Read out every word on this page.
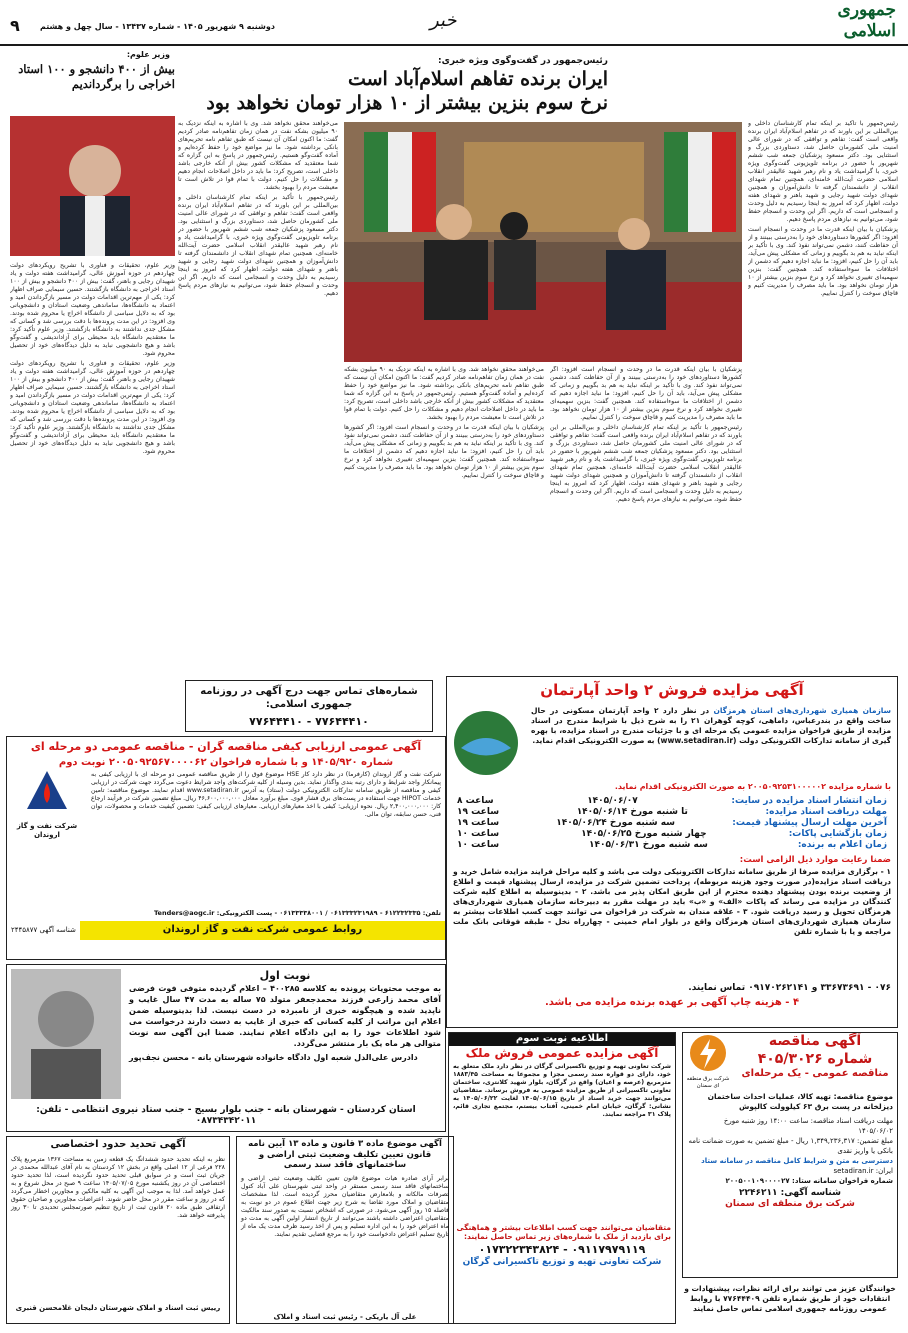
جمهوری اسلامی
خبر
دوشنبه ۹ شهریور ۱۴۰۵ - شماره ۱۳۴۳۷ - سال چهل و هشتم
۹
رئیس‌جمهور در گفت‌وگوی ویژه خبری:
ایران برنده تفاهم اسلام‌آباد است
نرخ سوم بنزین بیشتر از ۱۰ هزار تومان نخواهد بود

رئیس‌جمهور با تأکید بر اینکه تمام کارشناسان داخلی و بین‌المللی بر این باورند که در تفاهم اسلام‌آباد ایران برنده واقعی است گفت: تفاهم و توافقی که در شورای عالی امنیت ملی کشورمان حاصل شد، دستاوردی بزرگ و استثنایی بود. دکتر مسعود پزشکیان جمعه شب ششم شهریور با حضور در برنامه تلویزیونی گفت‌وگوی ویژه خبری، با گرامیداشت یاد و نام رهبر شهید عالیقدر انقلاب اسلامی حضرت آیت‌الله خامنه‌ای، همچنین تمام شهدای انقلاب از دانشمندان گرفته تا دانش‌آموزان و همچنین شهدای دولت شهید رجایی و شهید باهنر و شهدای هفته دولت، اظهار کرد که امروز به اینجا رسیدیم به دلیل وحدت و انسجامی است که داریم. اگر این وحدت و انسجام حفظ شود، می‌توانیم به نیازهای مردم پاسخ دهیم.

پزشکیان با بیان اینکه قدرت ما در وحدت و انسجام است افزود: اگر کشورها دستاوردهای خود را به‌درستی ببینند و از آن حفاظت کنند، دشمن نمی‌تواند نفوذ کند. وی با تأکید بر اینکه نباید به هم بد بگوییم و زمانی که مشکلی پیش می‌آید، باید آن را حل کنیم، افزود: ما نباید اجازه دهیم که دشمن از اختلافات ما سوءاستفاده کند. همچنین گفت: بنزین سهمیه‌ای تغییری نخواهد کرد و نرخ سوم بنزین بیشتر از ۱۰ هزار تومان نخواهد بود. ما باید مصرف را مدیریت کنیم و قاچاق سوخت را کنترل نماییم.

پزشکیان با بیان اینکه قدرت ما در وحدت و انسجام است افزود: اگر کشورها دستاوردهای خود را به‌درستی ببینند و از آن حفاظت کنند، دشمن نمی‌تواند نفوذ کند. وی با تأکید بر اینکه نباید به هم بد بگوییم و زمانی که مشکلی پیش می‌آید، باید آن را حل کنیم، افزود: ما نباید اجازه دهیم که دشمن از اختلافات ما سوءاستفاده کند. همچنین گفت: بنزین سهمیه‌ای تغییری نخواهد کرد و نرخ سوم بنزین بیشتر از ۱۰ هزار تومان نخواهد بود. ما باید مصرف را مدیریت کنیم و قاچاق سوخت را کنترل نماییم.

رئیس‌جمهور با تأکید بر اینکه تمام کارشناسان داخلی و بین‌المللی بر این باورند که در تفاهم اسلام‌آباد ایران برنده واقعی است گفت: تفاهم و توافقی که در شورای عالی امنیت ملی کشورمان حاصل شد، دستاوردی بزرگ و استثنایی بود. دکتر مسعود پزشکیان جمعه شب ششم شهریور با حضور در برنامه تلویزیونی گفت‌وگوی ویژه خبری، با گرامیداشت یاد و نام رهبر شهید عالیقدر انقلاب اسلامی حضرت آیت‌الله خامنه‌ای، همچنین تمام شهدای انقلاب از دانشمندان گرفته تا دانش‌آموزان و همچنین شهدای دولت شهید رجایی و شهید باهنر و شهدای هفته دولت، اظهار کرد که امروز به اینجا رسیدیم به دلیل وحدت و انسجامی است که داریم. اگر این وحدت و انسجام حفظ شود، می‌توانیم به نیازهای مردم پاسخ دهیم.

می‌خواهند محقق نخواهد شد. وی با اشاره به اینکه نزدیک به ۹۰ میلیون بشکه نفت در همان زمان تفاهم‌نامه صادر کردیم گفت: ما اکنون امکان آن نیست که طبق تفاهم نامه تحریم‌های بانکی برداشته شود. ما نیز مواضع خود را حفظ کرده‌ایم و آماده گفت‌وگو هستیم. رئیس‌جمهور در پاسخ به این گزاره که شما معتقدید که مشکلات کشور بیش از آنکه خارجی باشد داخلی است، تصریح کرد: ما باید در داخل اصلاحات انجام دهیم و مشکلات را حل کنیم. دولت با تمام قوا در تلاش است تا معیشت مردم را بهبود بخشد.

پزشکیان با بیان اینکه قدرت ما در وحدت و انسجام است افزود: اگر کشورها دستاوردهای خود را به‌درستی ببینند و از آن حفاظت کنند، دشمن نمی‌تواند نفوذ کند. وی با تأکید بر اینکه نباید به هم بد بگوییم و زمانی که مشکلی پیش می‌آید، باید آن را حل کنیم، افزود: ما نباید اجازه دهیم که دشمن از اختلافات ما سوءاستفاده کند. همچنین گفت: بنزین سهمیه‌ای تغییری نخواهد کرد و نرخ سوم بنزین بیشتر از ۱۰ هزار تومان نخواهد بود. ما باید مصرف را مدیریت کنیم و قاچاق سوخت را کنترل نماییم.

می‌خواهند محقق نخواهد شد. وی با اشاره به اینکه نزدیک به ۹۰ میلیون بشکه نفت در همان زمان تفاهم‌نامه صادر کردیم گفت: ما اکنون امکان آن نیست که طبق تفاهم نامه تحریم‌های بانکی برداشته شود. ما نیز مواضع خود را حفظ کرده‌ایم و آماده گفت‌وگو هستیم. رئیس‌جمهور در پاسخ به این گزاره که شما معتقدید که مشکلات کشور بیش از آنکه خارجی باشد داخلی است، تصریح کرد: ما باید در داخل اصلاحات انجام دهیم و مشکلات را حل کنیم. دولت با تمام قوا در تلاش است تا معیشت مردم را بهبود بخشد.

رئیس‌جمهور با تأکید بر اینکه تمام کارشناسان داخلی و بین‌المللی بر این باورند که در تفاهم اسلام‌آباد ایران برنده واقعی است گفت: تفاهم و توافقی که در شورای عالی امنیت ملی کشورمان حاصل شد، دستاوردی بزرگ و استثنایی بود. دکتر مسعود پزشکیان جمعه شب ششم شهریور با حضور در برنامه تلویزیونی گفت‌وگوی ویژه خبری، با گرامیداشت یاد و نام رهبر شهید عالیقدر انقلاب اسلامی حضرت آیت‌الله خامنه‌ای، همچنین تمام شهدای انقلاب از دانشمندان گرفته تا دانش‌آموزان و همچنین شهدای دولت شهید رجایی و شهید باهنر و شهدای هفته دولت، اظهار کرد که امروز به اینجا رسیدیم به دلیل وحدت و انسجامی است که داریم. اگر این وحدت و انسجام حفظ شود، می‌توانیم به نیازهای مردم پاسخ دهیم.

وزیر علوم:
بیش از ۴۰۰ دانشجو و ۱۰۰ استاد اخراجی را برگرداندیم

وزیر علوم، تحقیقات و فناوری با تشریح رویکردهای دولت چهاردهم در حوزه آموزش عالی، گرامیداشت هفته دولت و یاد شهیدان رجایی و باهنر، گفت: بیش از ۴۰۰ دانشجو و بیش از ۱۰۰ استاد اخراجی به دانشگاه بازگشتند. حسین سیمایی صراف اظهار کرد: یکی از مهم‌ترین اقدامات دولت در مسیر بازگرداندن امید و اعتماد به دانشگاه‌ها، ساماندهی وضعیت استادان و دانشجویانی بود که به دلایل سیاسی از دانشگاه اخراج یا محروم شده بودند. وی افزود: در این مدت پرونده‌ها با دقت بررسی شد و کسانی که مشکل جدی نداشتند به دانشگاه بازگشتند. وزیر علوم تأکید کرد: ما معتقدیم دانشگاه باید محیطی برای آزاداندیشی و گفت‌وگو باشد و هیچ دانشجویی نباید به دلیل دیدگاه‌های خود از تحصیل محروم شود.

وزیر علوم، تحقیقات و فناوری با تشریح رویکردهای دولت چهاردهم در حوزه آموزش عالی، گرامیداشت هفته دولت و یاد شهیدان رجایی و باهنر، گفت: بیش از ۴۰۰ دانشجو و بیش از ۱۰۰ استاد اخراجی به دانشگاه بازگشتند. حسین سیمایی صراف اظهار کرد: یکی از مهم‌ترین اقدامات دولت در مسیر بازگرداندن امید و اعتماد به دانشگاه‌ها، ساماندهی وضعیت استادان و دانشجویانی بود که به دلایل سیاسی از دانشگاه اخراج یا محروم شده بودند. وی افزود: در این مدت پرونده‌ها با دقت بررسی شد و کسانی که مشکل جدی نداشتند به دانشگاه بازگشتند. وزیر علوم تأکید کرد: ما معتقدیم دانشگاه باید محیطی برای آزاداندیشی و گفت‌وگو باشد و هیچ دانشجویی نباید به دلیل دیدگاه‌های خود از تحصیل محروم شود.

شماره‌های تماس جهت درج آگهی در روزنامه جمهوری اسلامی:
۷۷۶۴۴۴۱۰ - ۷۷۶۴۴۴۱۰
آگهی مزایده فروش ۲ واحد آپارتمان
سازمان همیاری شهرداری‌های استان هرمزگان در نظر دارد ۲ واحد آپارتمان مسکونی در حال ساخت واقع در بندرعباس، داماهی، کوچه گوهران ۲۱ را به شرح ذیل با شرایط مندرج در اسناد مزایده از طریق فراخوان مزایده عمومی یک مرحله ای و با جزئیات مندرج در اسناد مزایده، با بهره گیری از سامانه تدارکات الکترونیکی دولت (www.setadiran.ir) به صورت الکترونیکی اقدام نماید.
با شماره مزایده ۲۰۰۵۰۹۲۵۳۱۰۰۰۰۰۲ به صورت الکترونیکی اقدام نماید.
زمان انتشار اسناد مزایده در سایت:
۱۴۰۵/۰۶/۰۷
ساعت ۸
مهلت دریافت اسناد مزایده:
تا شنبه مورخ ۱۴۰۵/۰۶/۱۴
ساعت ۱۹
آخرین مهلت ارسال پیشنهاد قیمت:
سه شنبه مورخ ۱۴۰۵/۰۶/۲۴
ساعت ۱۹
زمان بازگشایی پاکات:
چهار شنبه مورخ ۱۴۰۵/۰۶/۲۵
ساعت ۱۰
زمان اعلام به برنده:
سه شنبه مورخ ۱۴۰۵/۰۶/۳۱
ساعت ۱۰
ضمنا رعایت موارد ذیل الزامی است:
۱ - برگزاری مزایده صرفا از طریق سامانه تدارکات الکترونیکی دولت می باشد و کلیه مراحل فرایند مزایده شامل خرید و دریافت اسناد مزایده(در صورت وجود هزینه مربوطه)، پرداخت تضمین شرکت در مزایده، ارسال پیشنهاد قیمت و اطلاع از وضعیت برنده بودن پیشنهاد دهنده محترم از این طریق امکان پذیر می باشد. ۲ - بدینوسیله به اطلاع کلیه شرکت کنندگان در مزایده می رساند که پاکات «الف» و «ب» باید در مهلت مقرر به دبیرخانه سازمان همیاری شهرداری‌های هرمزگان تحویل و رسید دریافت شود. ۳ - علاقه مندان به شرکت در فراخوان می توانند جهت کسب اطلاعات بیشتر به سازمان همیاری شهرداری‌های استان هرمزگان واقع در بلوار امام خمینی - چهارراه نخل - طبقه فوقانی بانک ملت مراجعه و یا با شماره تلفن
۰۷۶ - ۳۳۶۷۳۶۹۱ و ۰۹۱۷۰۲۶۲۱۴۱ تماس نمایند.
۴ - هزینه چاپ آگهی بر عهده برنده مزایده می باشد.
آگهی عمومی ارزیابی کیفی مناقصه گران - مناقصه عمومی دو مرحله ای
شماره ۱۴۰۵/۹۲۰ و با شماره فراخوان ۲۰۰۵۰۹۲۵۶۷۰۰۰۰۶۲ نوبت دوم
شرکت نفت و گاز اروندان (کارفرما) در نظر دارد کار HSE موضوع فوق را از طریق مناقصه عمومی دو مرحله ای با ارزیابی کیفی به پیمانکار واجد شرایط و دارای رتبه بندی واگذار نماید. بدین وسیله از کلیه شرکت‌های واجد شرایط دعوت می‌گردد جهت شرکت در ارزیابی کیفی و مناقصه از طریق سامانه تدارکات الکترونیکی دولت (ستاد) به آدرس www.setadiran.ir اقدام نمایند. موضوع مناقصه: تامین خدمات HIPOT جهت استفاده در پست‌های برق فشار قوی. مبلغ برآورد معادل ۴۶,۶۰۰,۰۰۰,۰۰۰ ریال. مبلغ تضمین شرکت در فرآیند ارجاع کار: ۲,۴۰۰,۰۰۰,۰۰۰ ریال. نحوه ارزیابی: کیفی با اخذ معیارهای ارزیابی. معیارهای ارزیابی کیفی: تضمین کیفیت خدمات و محصولات، توان فنی، حسن سابقه، توان مالی.
شرکت نفت و گاز اروندان
تلفن: ۶۱۲۲۳۲۳۳۵ - ۰۶۱۳۳۳۲۳۱۹۸۹ / ۰۶۱۳۳۳۳۸۰۰۱ - پست الکترونیکی: Tenders@aogc.ir
روابط عمومی شرکت نفت و گاز اروندان
شناسه آگهی ۲۴۴۵۸۷۷
نوبت اول
به موجب محتویات پرونده به کلاسه ۴۰۰۲۸۵ – اعلام گردیده متوفی فوت فرضی آقای محمد زارعی فرزند محمدجعفر متولد ۷۵ ساله به مدت ۴۷ سال غایب و ناپدید شده و هیچگونه خبری از نامبرده در دست نیست. لذا بدینوسیله ضمن اعلام این مراتب از کلیه کسانی که خبری از غایب به دست دارند درخواست می شود اطلاعات خود را به این دادگاه اعلام نمایند. ضمنا این آگهی سه نوبت متوالی هر ماه یک بار منتشر می‌گردد.
دادرس علی‌الدل شعبه اول دادگاه خانواده شهرستان بانه - محسن نجف‌پور
استان کردستان - شهرستان بانه - جنب بلوار بسیج - جنب ستاد نیروی انتظامی - تلفن: ۰۸۷۳۴۳۴۲۰۱۱
آگهی مناقصه
شماره ۴۰۵/۳۰۲۶
مناقصه عمومی - یک مرحله‌ای
شرکت برق منطقه ای سمنان
موضوع مناقصه: تهیه کالا، عملیات احداث ساختمان دیزلخانه در پست برق ۶۳ کیلوولت کالپوش
مهلت دریافت اسناد مناقصه: ساعت ۱۴:۰۰ روز شنبه مورخ ۱۴۰۵/۰۶/۰۲
مبلغ تضمین: ۱,۳۴۹,۲۳۶,۳۱۷ ریال - مبلغ تضمین به صورت ضمانت نامه بانکی یا واریز نقدی
دسترسی به متن و شرایط کامل مناقصه در سامانه ستاد
ایران: setadiran.ir
شماره فراخوان سامانه ستاد: ۲۰۰۵۰۰۱۰۹۰۰۰۰۲۷
شناسه آگهی: ۲۲۴۶۲۱۱
شرکت برق منطقه ای سمنان
اطلاعیه نوبت سوم
آگهی مزایده عمومی فروش ملک
شرکت تعاونی تهیه و توزیع تاکسیرانی گرگان در نظر دارد ملک متعلق به خود، دارای دو قواره سند رسمی مجزا و مجموعا به مساحت ۱۸۸۳/۴۵ مترمربع (عرصه و اعیان) واقع در گرگان، بلوار شهید کلانتری، ساختمان تعاونی تاکسیرانی از طریق مزایده عمومی به فروش برساند. متقاضیان می‌توانند جهت خرید اسناد از تاریخ ۱۴۰۵/۰۶/۱۵ لغایت ۱۴۰۵/۰۶/۲۲ به نشانی: گرگان، خیابان امام خمینی، آفتاب بیستم، مجتمع تجاری قائم، پلاک ۳۱ مراجعه نمایند.
متقاضیان می‌توانند جهت کسب اطلاعات بیشتر و هماهنگی برای بازدید از ملک با شماره‌های زیر تماس حاصل نمایند:
۰۹۱۱۷۹۷۹۱۱۹ - ۰۱۷۳۲۲۳۴۳۸۲۴
شرکت تعاونی تهیه و توزیع تاکسیرانی گرگان
آگهی موضوع ماده ۳ قانون و ماده ۱۳ آیین نامه قانون تعیین تکلیف وضعیت ثبتی اراضی و ساختمانهای فاقد سند رسمی
برابر آرای صادره هیات موضوع قانون تعیین تکلیف وضعیت ثبتی اراضی و ساختمانهای فاقد سند رسمی مستقر در واحد ثبتی شهرستان علی آباد کتول تصرفات مالکانه و بلامعارض متقاضیان محرز گردیده است. لذا مشخصات متقاضیان و املاک مورد تقاضا به شرح زیر جهت اطلاع عموم در دو نوبت به فاصله ۱۵ روز آگهی می‌شود. در صورتی که اشخاص نسبت به صدور سند مالکیت متقاضیان اعتراضی داشته باشند می‌توانند از تاریخ انتشار اولین آگهی به مدت دو ماه اعتراض خود را به این اداره تسلیم و پس از اخذ رسید ظرف مدت یک ماه از تاریخ تسلیم اعتراض دادخواست خود را به مرجع قضایی تقدیم نمایند.
علی آل یاریکی - رئیس ثبت اسناد و املاک
آگهی تحدید حدود اختصاصی
نظر به اینکه تحدید حدود ششدانگ یک قطعه زمین به مساحت ۱۳۶۷ مترمربع پلاک ۲۲۸ فرعی از ۱۲ اصلی واقع در بخش ۱۲ کردستان به نام آقای عبدالله محمدی در جریان ثبت است و در سوابق قبلی تحدید حدود نگردیده است، لذا تحدید حدود اختصاصی آن در روز یکشنبه مورخ ۱۴۰۵/۰۷/۰۵ ساعت ۹ صبح در محل شروع و به عمل خواهد آمد. لذا به موجب این آگهی به کلیه مالکین و مجاورین اخطار می‌گردد که در روز و ساعت مقرر در محل حاضر شوند. اعتراضات مجاورین و صاحبان حقوق ارتفاقی طبق ماده ۲۰ قانون ثبت از تاریخ تنظیم صورتمجلس تحدیدی تا ۳۰ روز پذیرفته خواهد شد.
رییس ثبت اسناد و املاک شهرستان دلیجان غلامحسن قنبری
خوانندگان عزیز می توانند برای ارائه نظرات، پیشنهادات و انتقادات خود از طریق شماره تلفن ۷۷۶۴۴۴۰۹ با روابط عمومی روزنامه جمهوری اسلامی تماس حاصل نمایند
